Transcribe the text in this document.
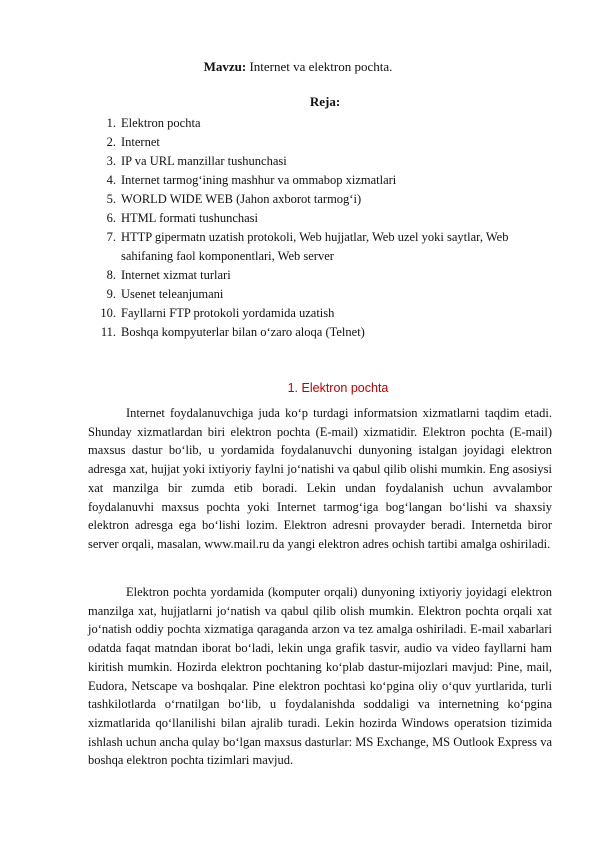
Mavzu: Internet va elektron pochta.
Reja:
1. Elektron pochta
2. Internet
3. IP va URL manzillar tushunchasi
4. Internet tarmog‘ining mashhur va ommabop xizmatlari
5. WORLD WIDE WEB (Jahon axborot tarmog‘i)
6. HTML formati tushunchasi
7. HTTP gipermatn uzatish protokoli, Web hujjatlar, Web uzel yoki saytlar, Web sahifaning faol komponentlari, Web server
8. Internet xizmat turlari
9. Usenet teleanjumani
10. Fayllarni FTP protokoli yordamida uzatish
11. Boshqa kompyuterlar bilan o‘zaro aloqa (Telnet)
1. Elektron pochta

Internet foydalanuvchiga juda ko‘p turdagi informatsion xizmatlarni taqdim etadi. Shunday xizmatlardan biri elektron pochta (E-mail) xizmatidir. Elektron pochta (E-mail) maxsus dastur bo‘lib, u yordamida foydalanuvchi dunyoning istalgan joyidagi elektron adresga xat, hujjat yoki ixtiyoriy faylni jo‘natishi va qabul qilib olishi mumkin. Eng asosiysi xat manzilga bir zumda etib boradi. Lekin undan foydalanish uchun avvalambor foydalanuvhi maxsus pochta yoki Internet tarmog‘iga bog‘langan bo‘lishi va shaxsiy elektron adresga ega bo‘lishi lozim. Elektron adresni provayder beradi. Internetda biror server orqali, masalan, www.mail.ru da yangi elektron adres ochish tartibi amalga oshiriladi.

Elektron pochta yordamida (komputer orqali) dunyoning ixtiyoriy joyidagi elektron manzilga xat, hujjatlarni jo‘natish va qabul qilib olish mumkin. Elektron pochta orqali xat jo‘natish oddiy pochta xizmatiga qaraganda arzon va tez amalga oshiriladi. E-mail xabarlari odatda faqat matndan iborat bo‘ladi, lekin unga grafik tasvir, audio va video fayllarni ham kiritish mumkin. Hozirda elektron pochtaning ko‘plab dastur-mijozlari mavjud: Pine, mail, Eudora, Netscape va boshqalar. Pine elektron pochtasi ko‘pgina oliy o‘quv yurtlarida, turli tashkilotlarda o‘rnatilgan bo‘lib, u foydalanishda soddaligi va internetning ko‘pgina xizmatlarida qo‘llanilishi bilan ajralib turadi. Lekin hozirda Windows operatsion tizimida ishlash uchun ancha qulay bo‘lgan maxsus dasturlar: MS Exchange, MS Outlook Express va boshqa elektron pochta tizimlari mavjud.
